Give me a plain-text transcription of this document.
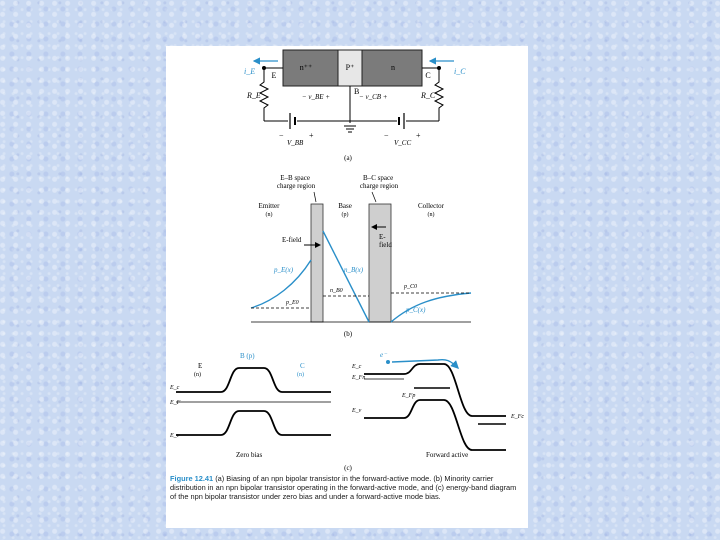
n⁺⁺	P⁺	n
E
i_E	C	i_C
R_E	R_C
B
− v_BE +	− v_CB +
−	+
V_BB
−	+
V_CC
(a)
E–B space charge region
B–C space charge region
Emitter
(n)
Base
(p)
Collector
(n)
E-field	E- field
p_E(x)
p_E0
n_B(x)
n_B0
p_C0
p_C(x)
(b)
E
(n)
B (p)
C
(n)
E_c
E_F
E_v
Zero bias
e⁻
E_c
E_Fn
E_Fp
E_v
E_Fc
Forward active
(c)
Figure 12.41 (a) Biasing of an npn bipolar transistor in the forward-active mode. (b) Minority carrier distribution in an npn bipolar transistor operating in the forward-active mode, and (c) energy-band diagram of the npn bipolar transistor under zero bias and under a forward-active mode bias.
